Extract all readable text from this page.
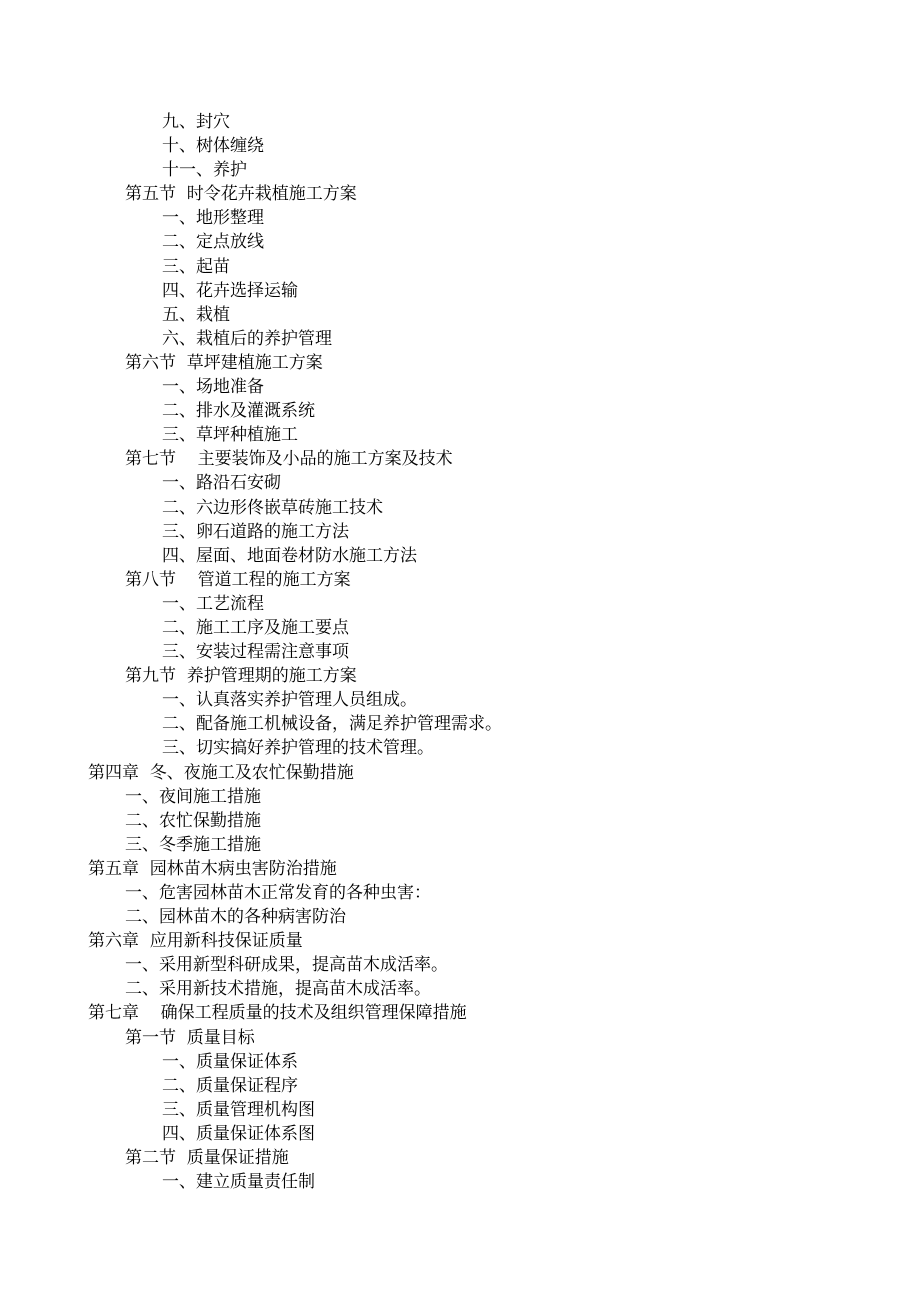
九、封穴
十、树体缠绕
十一、养护
第五节  时令花卉栽植施工方案
一、地形整理
二、定点放线
三、起苗
四、花卉选择运输
五、栽植
六、栽植后的养护管理
第六节  草坪建植施工方案
一、场地准备
二、排水及灌溉系统
三、草坪种植施工
第七节    主要装饰及小品的施工方案及技术
一、路沿石安砌
二、六边形佟嵌草砖施工技术
三、卵石道路的施工方法
四、屋面、地面卷材防水施工方法
第八节    管道工程的施工方案
一、工艺流程
二、施工工序及施工要点
三、安装过程需注意事项
第九节  养护管理期的施工方案
一、认真落实养护管理人员组成。
二、配备施工机械设备，满足养护管理需求。
三、切实搞好养护管理的技术管理。
第四章  冬、夜施工及农忙保勤措施
一、夜间施工措施
二、农忙保勤措施
三、冬季施工措施
第五章  园林苗木病虫害防治措施
一、危害园林苗木正常发育的各种虫害：
二、园林苗木的各种病害防治
第六章  应用新科技保证质量
一、采用新型科研成果，提高苗木成活率。
二、采用新技术措施，提高苗木成活率。
第七章    确保工程质量的技术及组织管理保障措施
第一节  质量目标
一、质量保证体系
二、质量保证程序
三、质量管理机构图
四、质量保证体系图
第二节  质量保证措施
一、建立质量责任制
